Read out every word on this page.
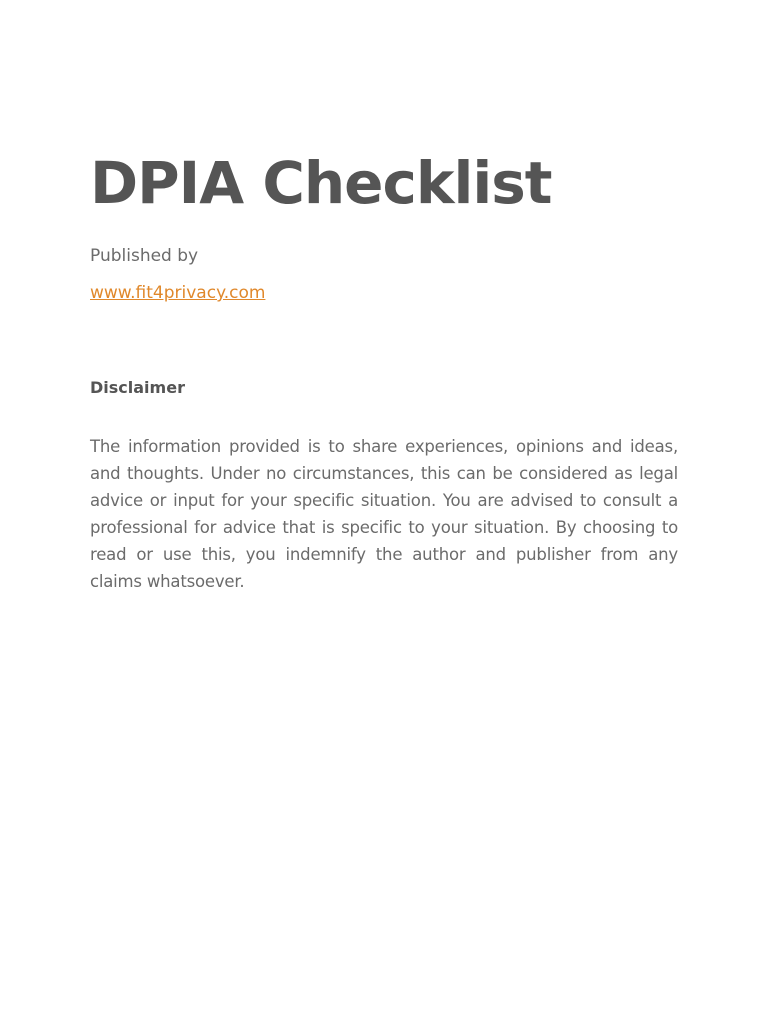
DPIA Checklist

Published by

www.fit4privacy.com

Disclaimer

The information provided is to share experiences, opinions and ideas, and thoughts. Under no circumstances, this can be considered as legal advice or input for your specific situation. You are advised to consult a professional for advice that is specific to your situation. By choosing to read or use this, you indemnify the author and publisher from any claims whatsoever.
